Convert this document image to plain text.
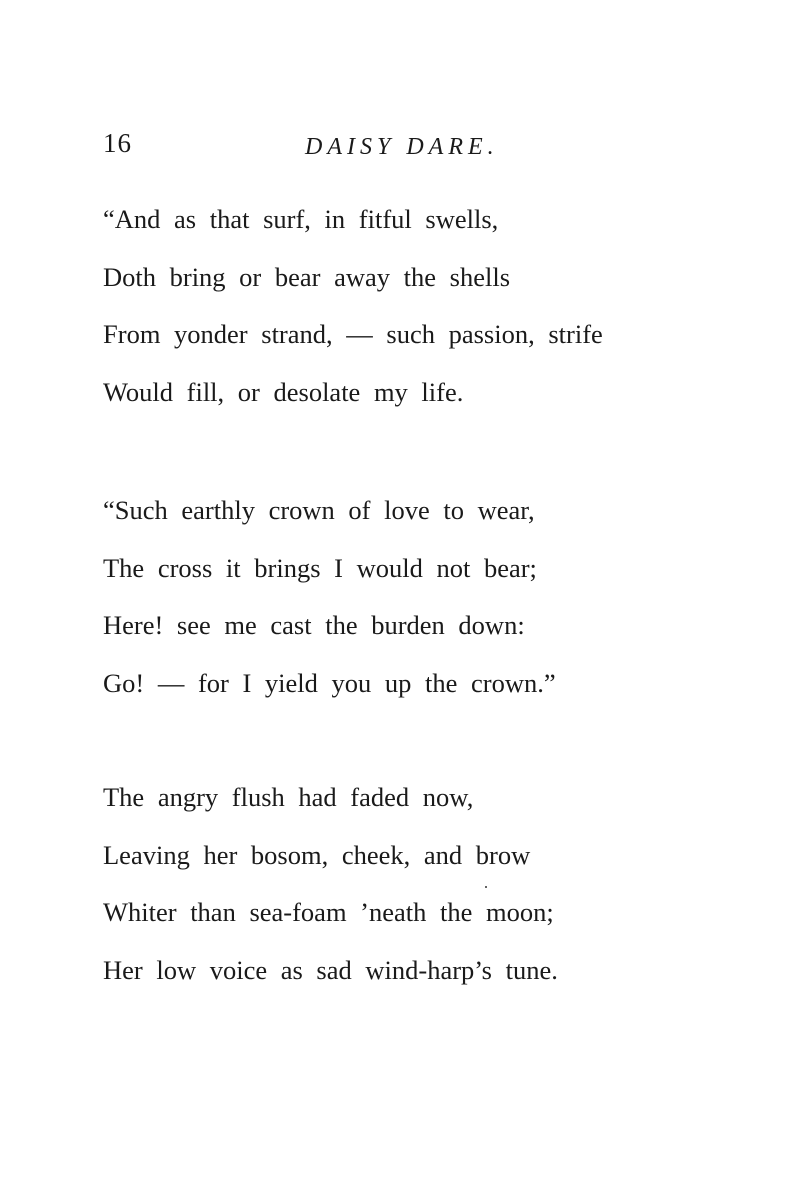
16	DAISY DARE.
“And as that surf, in fitful swells,
Doth bring or bear away the shells
From yonder strand, — such passion, strife
Would fill, or desolate my life.
“Such earthly crown of love to wear,
The cross it brings I would not bear;
Here! see me cast the burden down:
Go! — for I yield you up the crown.”
The angry flush had faded now,
Leaving her bosom, cheek, and brow
Whiter than sea-foam ’neath the moon;
Her low voice as sad wind-harp’s tune.
